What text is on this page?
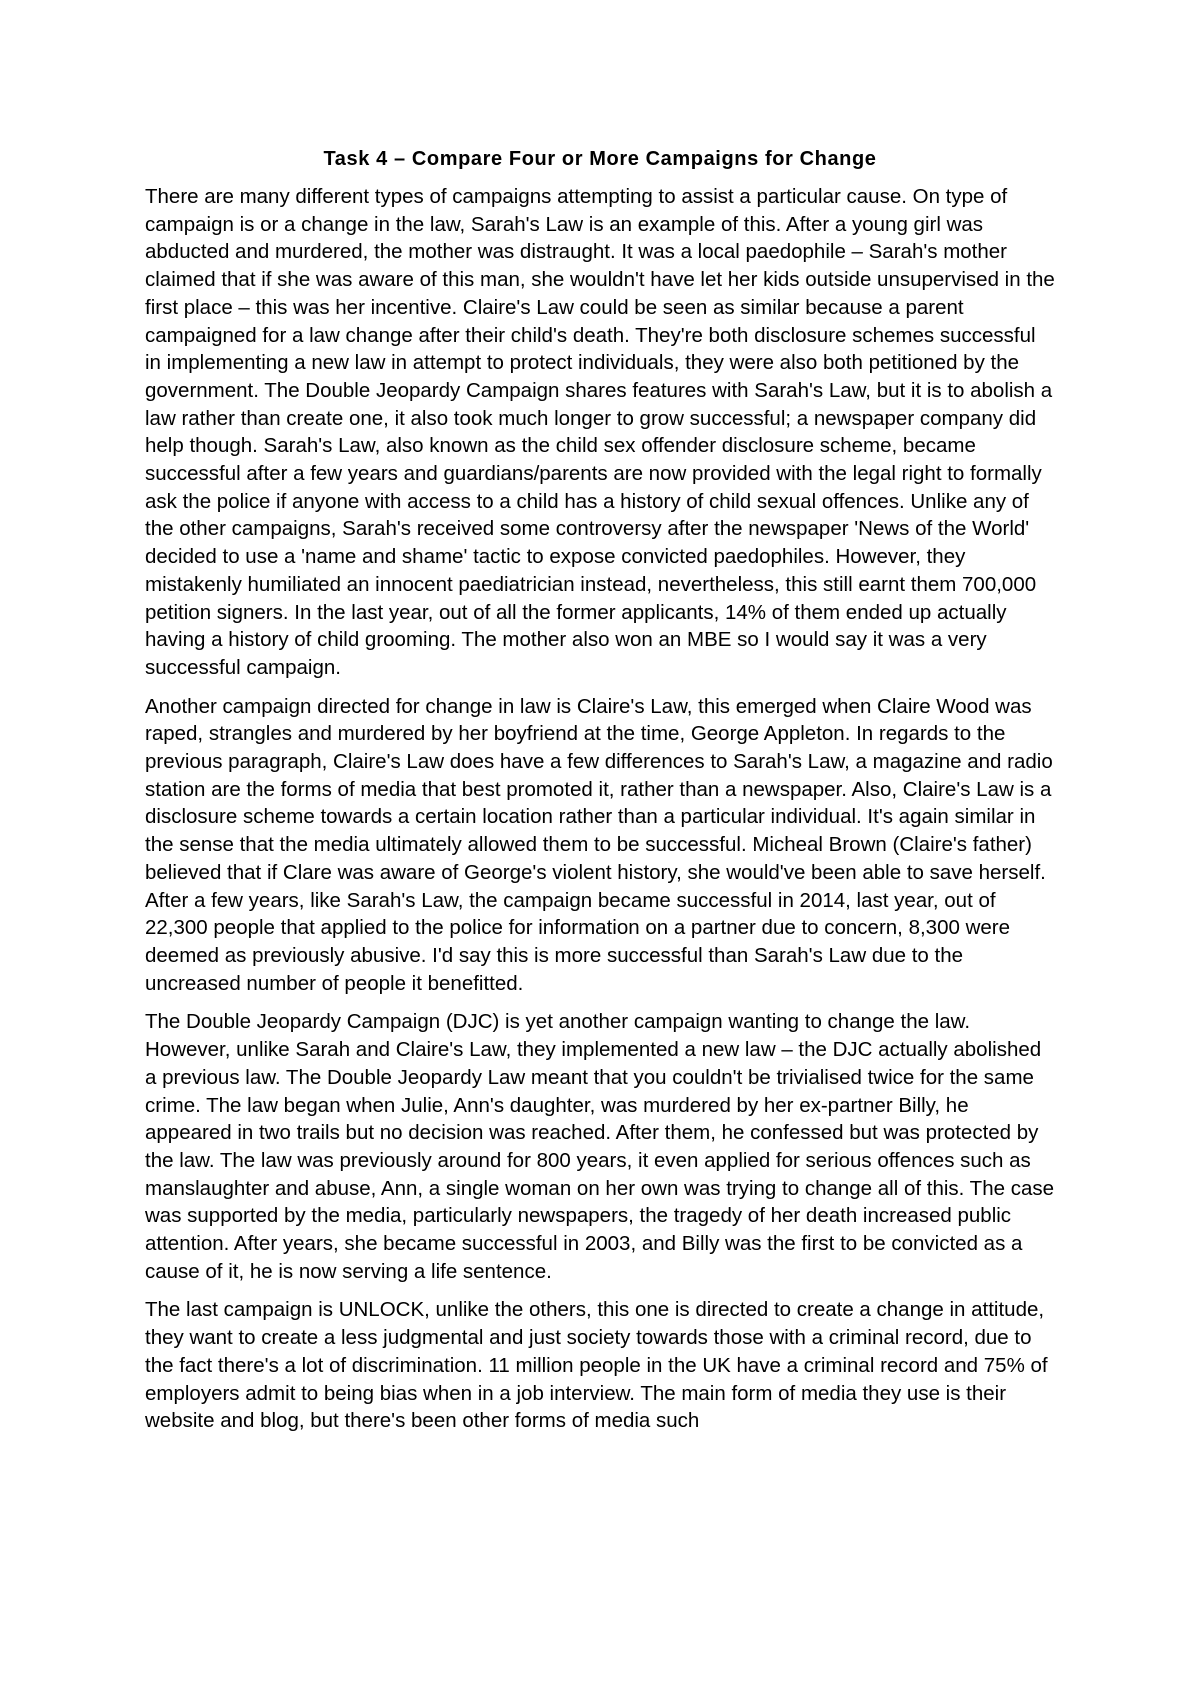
Task 4 – Compare Four or More Campaigns for Change

There are many different types of campaigns attempting to assist a particular cause. On type of campaign is or a change in the law, Sarah's Law is an example of this. After a young girl was abducted and murdered, the mother was distraught. It was a local paedophile – Sarah's mother claimed that if she was aware of this man, she wouldn't have let her kids outside unsupervised in the first place – this was her incentive. Claire's Law could be seen as similar because a parent campaigned for a law change after their child's death. They're both disclosure schemes successful in implementing a new law in attempt to protect individuals, they were also both petitioned by the government. The Double Jeopardy Campaign shares features with Sarah's Law, but it is to abolish a law rather than create one, it also took much longer to grow successful; a newspaper company did help though. Sarah's Law, also known as the child sex offender disclosure scheme, became successful after a few years and guardians/parents are now provided with the legal right to formally ask the police if anyone with access to a child has a history of child sexual offences. Unlike any of the other campaigns, Sarah's received some controversy after the newspaper 'News of the World' decided to use a 'name and shame' tactic to expose convicted paedophiles. However, they mistakenly humiliated an innocent paediatrician instead, nevertheless, this still earnt them 700,000 petition signers. In the last year, out of all the former applicants, 14% of them ended up actually having a history of child grooming. The mother also won an MBE so I would say it was a very successful campaign.

Another campaign directed for change in law is Claire's Law, this emerged when Claire Wood was raped, strangles and murdered by her boyfriend at the time, George Appleton. In regards to the previous paragraph, Claire's Law does have a few differences to Sarah's Law, a magazine and radio station are the forms of media that best promoted it, rather than a newspaper. Also, Claire's Law is a disclosure scheme towards a certain location rather than a particular individual. It's again similar in the sense that the media ultimately allowed them to be successful. Micheal Brown (Claire's father) believed that if Clare was aware of George's violent history, she would've been able to save herself. After a few years, like Sarah's Law, the campaign became successful in 2014, last year, out of 22,300 people that applied to the police for information on a partner due to concern, 8,300 were deemed as previously abusive. I'd say this is more successful than Sarah's Law due to the uncreased number of people it benefitted.

The Double Jeopardy Campaign (DJC) is yet another campaign wanting to change the law. However, unlike Sarah and Claire's Law, they implemented a new law – the DJC actually abolished a previous law. The Double Jeopardy Law meant that you couldn't be trivialised twice for the same crime. The law began when Julie, Ann's daughter, was murdered by her ex-partner Billy, he appeared in two trails but no decision was reached. After them, he confessed but was protected by the law. The law was previously around for 800 years, it even applied for serious offences such as manslaughter and abuse, Ann, a single woman on her own was trying to change all of this. The case was supported by the media, particularly newspapers, the tragedy of her death increased public attention. After years, she became successful in 2003, and Billy was the first to be convicted as a cause of it, he is now serving a life sentence.

The last campaign is UNLOCK, unlike the others, this one is directed to create a change in attitude, they want to create a less judgmental and just society towards those with a criminal record, due to the fact there's a lot of discrimination. 11 million people in the UK have a criminal record and 75% of employers admit to being bias when in a job interview. The main form of media they use is their website and blog, but there's been other forms of media such
